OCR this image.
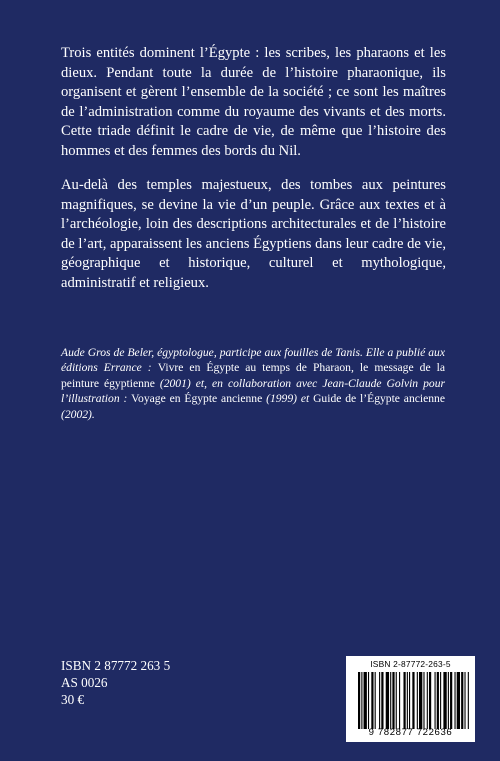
Trois entités dominent l’Égypte : les scribes, les pharaons et les dieux. Pendant toute la durée de l’histoire pharaonique, ils organisent et gèrent l’ensemble de la société ; ce sont les maîtres de l’administration comme du royaume des vivants et des morts. Cette triade définit le cadre de vie, de même que l’histoire des hommes et des femmes des bords du Nil.

Au-delà des temples majestueux, des tombes aux peintures magnifiques, se devine la vie d’un peuple. Grâce aux textes et à l’archéologie, loin des descriptions architecturales et de l’histoire de l’art, apparaissent les anciens Égyptiens dans leur cadre de vie, géographique et historique, culturel et mythologique, administratif et religieux.

Aude Gros de Beler, égyptologue, participe aux fouilles de Tanis. Elle a publié aux éditions Errance : Vivre en Égypte au temps de Pharaon, le message de la peinture égyptienne (2001) et, en collaboration avec Jean-Claude Golvin pour l’illustration : Voyage en Égypte ancienne (1999) et Guide de l’Égypte ancienne (2002).

ISBN 2 87772 263 5
AS 0026
30 €
ISBN 2-87772-263-5
9 782877 722636
